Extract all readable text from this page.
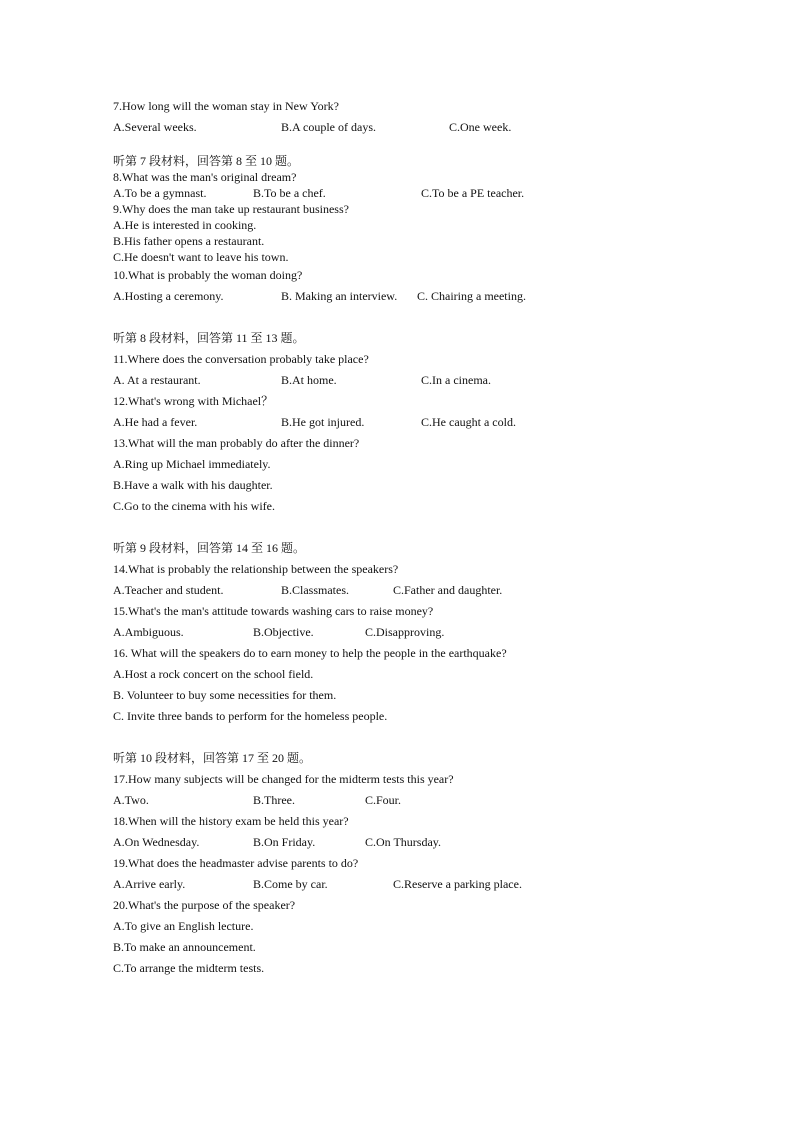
7.How long will the woman stay in New York?
A.Several weeks.	B.A couple of days.	C.One week.
听第 7 段材料，回答第 8 至 10 题。
8.What was the man's original dream?
A.To be a gymnast.	B.To be a chef.	C.To be a PE teacher.
9.Why does the man take up restaurant business?
A.He is interested in cooking.
B.His father opens a restaurant.
C.He doesn't want to leave his town.
10.What is probably the woman doing?
A.Hosting a ceremony.	B. Making an interview. C. Chairing a meeting.
听第 8 段材料，回答第 11 至 13 题。
11.Where does the conversation probably take place?
A. At a restaurant.	B.At home.	C.In a cinema.
12.What's wrong with Michael？
A.He had a fever.	B.He got injured.	C.He caught a cold.
13.What will the man probably do after the dinner?
A.Ring up Michael immediately.
B.Have a walk with his daughter.
C.Go to the cinema with his wife.
听第 9 段材料，回答第 14 至 16 题。
14.What is probably the relationship between the speakers?
A.Teacher and student.	B.Classmates.	C.Father and daughter.
15.What's the man's attitude towards washing cars to raise money?
A.Ambiguous.	B.Objective.	C.Disapproving.
16. What will the speakers do to earn money to help the people in the earthquake?
A.Host a rock concert on the school field.
B. Volunteer to buy some necessities for them.
C. Invite three bands to perform for the homeless people.
听第 10 段材料，回答第 17 至 20 题。
17.How many subjects will be changed for the midterm tests this year?
A.Two.	B.Three.	C.Four.
18.When will the history exam be held this year?
A.On Wednesday.	B.On Friday.	C.On Thursday.
19.What does the headmaster advise parents to do?
A.Arrive early.	B.Come by car.	C.Reserve a parking place.
20.What's the purpose of the speaker?
A.To give an English lecture.
B.To make an announcement.
C.To arrange the midterm tests.
